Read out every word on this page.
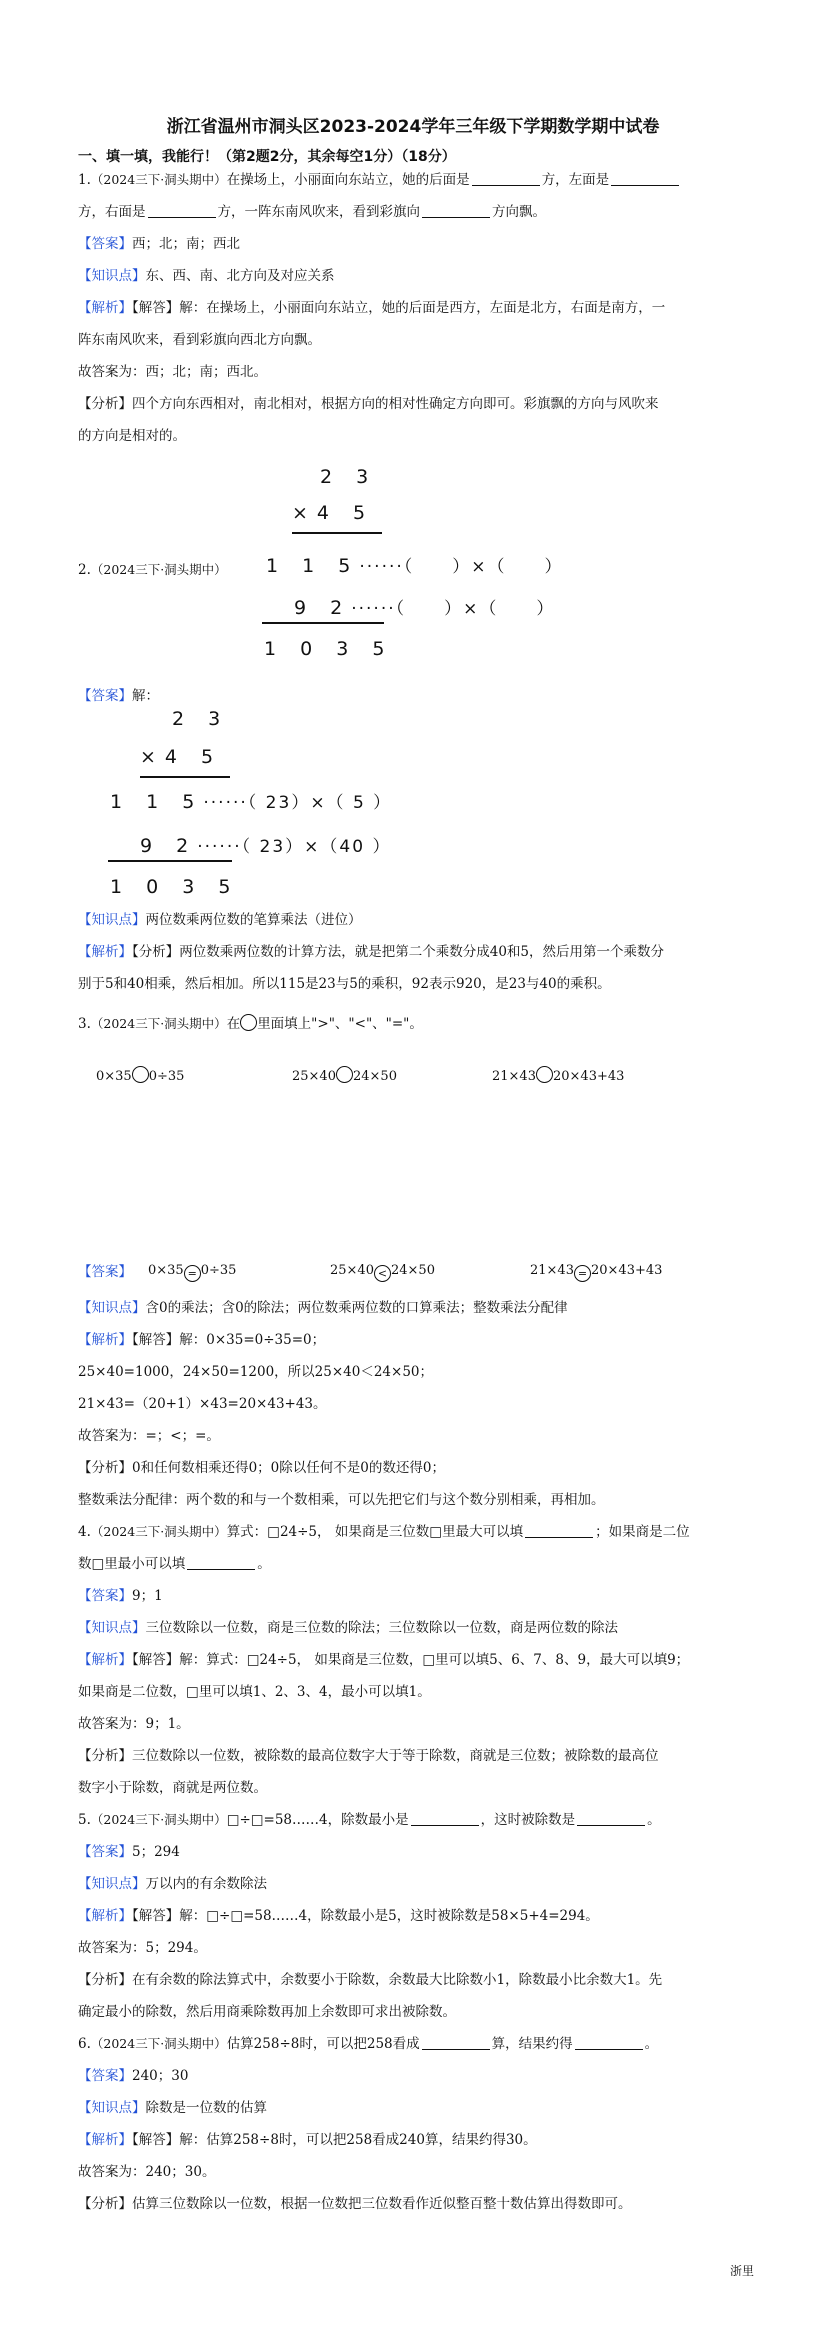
浙江省温州市洞头区2023-2024学年三年级下学期数学期中试卷
一、填一填，我能行！（第2题2分，其余每空1分）（18分）
1.（2024三下·洞头期中）在操场上，小丽面向东站立，她的后面是	方，左面是
方，右面是	方，一阵东南风吹来，看到彩旗向	方向飘。
【答案】西；北；南；西北
【知识点】东、西、南、北方向及对应关系
【解析】【解答】解：在操场上，小丽面向东站立，她的后面是西方，左面是北方，右面是南方，一
阵东南风吹来，看到彩旗向西北方向飘。
故答案为：西；北；南；西北。
【分析】四个方向东西相对，南北相对，根据方向的相对性确定方向即可。彩旗飘的方向与风吹来
的方向是相对的。
2.（2024三下·洞头期中）
2 3
×4 5
1 1 5······（　　）×（　　）
9 2······（　　）×（　　）
1 0 3 5
【答案】解：
2 3
×4 5
1 1 5······（ 23）×（ 5 ）
9 2······（ 23）×（40 ）
1 0 3 5
【知识点】两位数乘两位数的笔算乘法（进位）
【解析】【分析】两位数乘两位数的计算方法，就是把第二个乘数分成40和5，然后用第一个乘数分
别于5和40相乘，然后相加。所以115是23与5的乘积，92表示920，是23与40的乘积。
3.（2024三下·洞头期中）在 里面填上">"、"<"、"="。
0×35 0÷35	25×40 24×50	21×43 20×43+43
【答案】 0×35 = 0÷35	25×40 < 24×50	21×43 = 20×43+43
【知识点】含0的乘法；含0的除法；两位数乘两位数的口算乘法；整数乘法分配律
【解析】【解答】解：0×35=0÷35=0；
25×40=1000，24×50=1200，所以25×40＜24×50；
21×43=（20+1）×43=20×43+43。
故答案为：=；<；=。
【分析】0和任何数相乘还得0；0除以任何不是0的数还得0；
整数乘法分配律：两个数的和与一个数相乘，可以先把它们与这个数分别相乘，再相加。
4.（2024三下·洞头期中）算式：□24÷5， 如果商是三位数□里最大可以填	；如果商是二位
数□里最小可以填	。
【答案】9；1
【知识点】三位数除以一位数，商是三位数的除法；三位数除以一位数，商是两位数的除法
【解析】【解答】解：算式：□24÷5， 如果商是三位数，□里可以填5、6、7、8、9，最大可以填9；
如果商是二位数，□里可以填1、2、3、4，最小可以填1。
故答案为：9；1。
【分析】三位数除以一位数，被除数的最高位数字大于等于除数，商就是三位数；被除数的最高位
数字小于除数，商就是两位数。
5.（2024三下·洞头期中）□÷□=58……4，除数最小是	，这时被除数是	。
【答案】5；294
【知识点】万以内的有余数除法
【解析】【解答】解：□÷□=58……4，除数最小是5，这时被除数是58×5+4=294。
故答案为：5；294。
【分析】在有余数的除法算式中，余数要小于除数，余数最大比除数小1，除数最小比余数大1。先
确定最小的除数，然后用商乘除数再加上余数即可求出被除数。
6.（2024三下·洞头期中）估算258÷8时，可以把258看成	算，结果约得	。
【答案】240；30
【知识点】除数是一位数的估算
【解析】【解答】解：估算258÷8时，可以把258看成240算，结果约得30。
故答案为：240；30。
【分析】估算三位数除以一位数，根据一位数把三位数看作近似整百整十数估算出得数即可。
浙里
